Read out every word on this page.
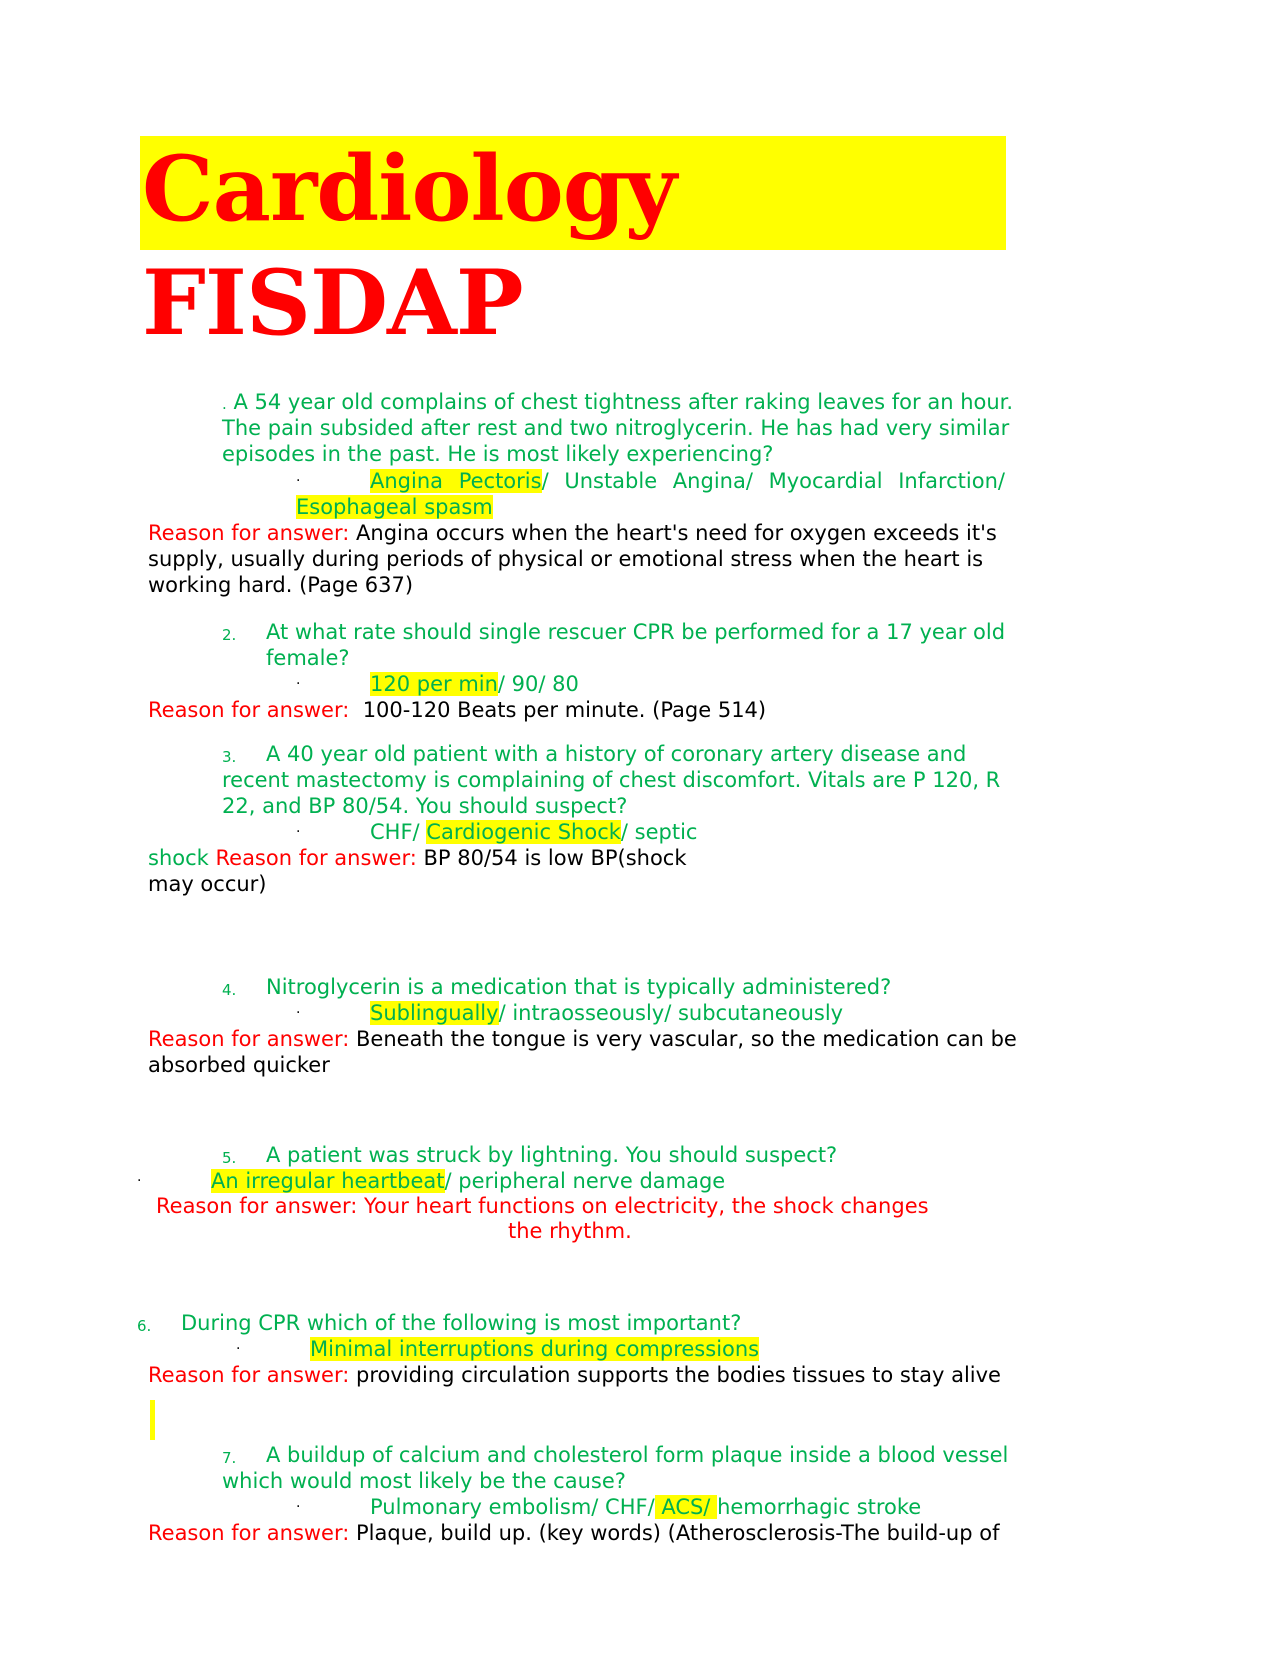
Cardiology FISDAP
. A 54 year old complains of chest tightness after raking leaves for an hour.
The pain subsided after rest and two nitroglycerin. He has had very similar
episodes in the past. He is most likely experiencing?
·	Angina Pectoris/ Unstable Angina/ Myocardial Infarction/
Esophageal spasm
Reason for answer: Angina occurs when the heart's need for oxygen exceeds it's
supply, usually during periods of physical or emotional stress when the heart is
working hard. (Page 637)
2. At what rate should single rescuer CPR be performed for a 17 year old
female?
·	120 per min/ 90/ 80
Reason for answer: 100-120 Beats per minute. (Page 514)
3. A 40 year old patient with a history of coronary artery disease and
recent mastectomy is complaining of chest discomfort. Vitals are P 120, R
22, and BP 80/54. You should suspect?
·	CHF/ Cardiogenic Shock/ septic
shock Reason for answer: BP 80/54 is low BP(shock
may occur)
4. Nitroglycerin is a medication that is typically administered?
·	Sublingually/ intraosseously/ subcutaneously
Reason for answer: Beneath the tongue is very vascular, so the medication can be
absorbed quicker
5. A patient was struck by lightning. You should suspect?
·	An irregular heartbeat/ peripheral nerve damage
Reason for answer: Your heart functions on electricity, the shock changes
the rhythm.
6. During CPR which of the following is most important?
·	Minimal interruptions during compressions
Reason for answer: providing circulation supports the bodies tissues to stay alive
7. A buildup of calcium and cholesterol form plaque inside a blood vessel
which would most likely be the cause?
·	Pulmonary embolism/ CHF/ ACS/ hemorrhagic stroke
Reason for answer: Plaque, build up. (key words) (Atherosclerosis-The build-up of
